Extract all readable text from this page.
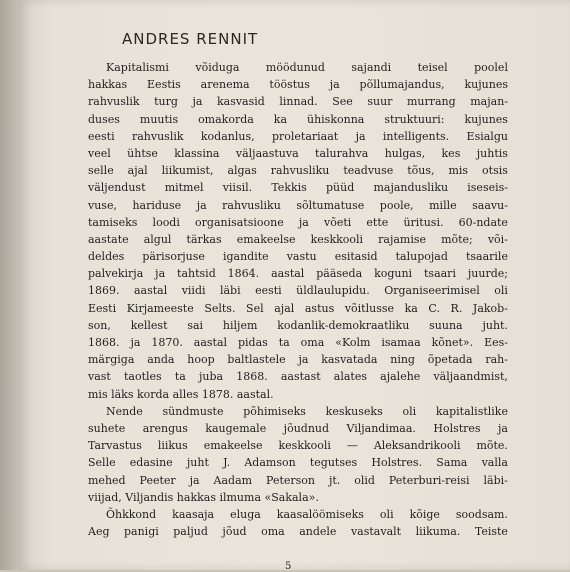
ANDRES RENNIT
Kapitalismi võiduga möödunud sajandi teisel poolel
hakkas Eestis arenema tööstus ja põllumajandus, kujunes
rahvuslik turg ja kasvasid linnad. See suur murrang majan-
duses muutis omakorda ka ühiskonna struktuuri: kujunes
eesti rahvuslik kodanlus, proletariaat ja intelligents. Esialgu
veel ühtse klassina väljaastuva talurahva hulgas, kes juhtis
selle ajal liikumist, algas rahvusliku teadvuse tõus, mis otsis
väljendust mitmel viisil. Tekkis püüd majandusliku iseseis-
vuse, hariduse ja rahvusliku sõltumatuse poole, mille saavu-
tamiseks loodi organisatsioone ja võeti ette üritusi. 60-ndate
aastate algul tärkas emakeelse keskkooli rajamise mõte; või-
deldes pärisorjuse igandite vastu esitasid talupojad tsaarile
palvekirja ja tahtsid 1864. aastal pääseda koguni tsaari juurde;
1869. aastal viidi läbi eesti üldlaulupidu. Organiseerimisel oli
Eesti Kirjameeste Selts. Sel ajal astus võitlusse ka C. R. Jakob-
son, kellest sai hiljem kodanlik-demokraatliku suuna juht.
1868. ja 1870. aastal pidas ta oma «Kolm isamaa kõnet». Ees-
märgiga anda hoop baltlastele ja kasvatada ning õpetada rah-
vast taotles ta juba 1868. aastast alates ajalehe väljaandmist,
mis läks korda alles 1878. aastal.
Nende sündmuste põhimiseks keskuseks oli kapitalistlike
suhete arengus kaugemale jõudnud Viljandimaa. Holstres ja
Tarvastus liikus emakeelse keskkooli — Aleksandrikooli mõte.
Selle edasine juht J. Adamson tegutses Holstres. Sama valla
mehed Peeter ja Aadam Peterson jt. olid Peterburi-reisi läbi-
viijad, Viljandis hakkas ilmuma «Sakala».
Õhkkond kaasaja eluga kaasalöömiseks oli kõige soodsam.
Aeg panigi paljud jõud oma andele vastavalt liikuma. Teiste
5
